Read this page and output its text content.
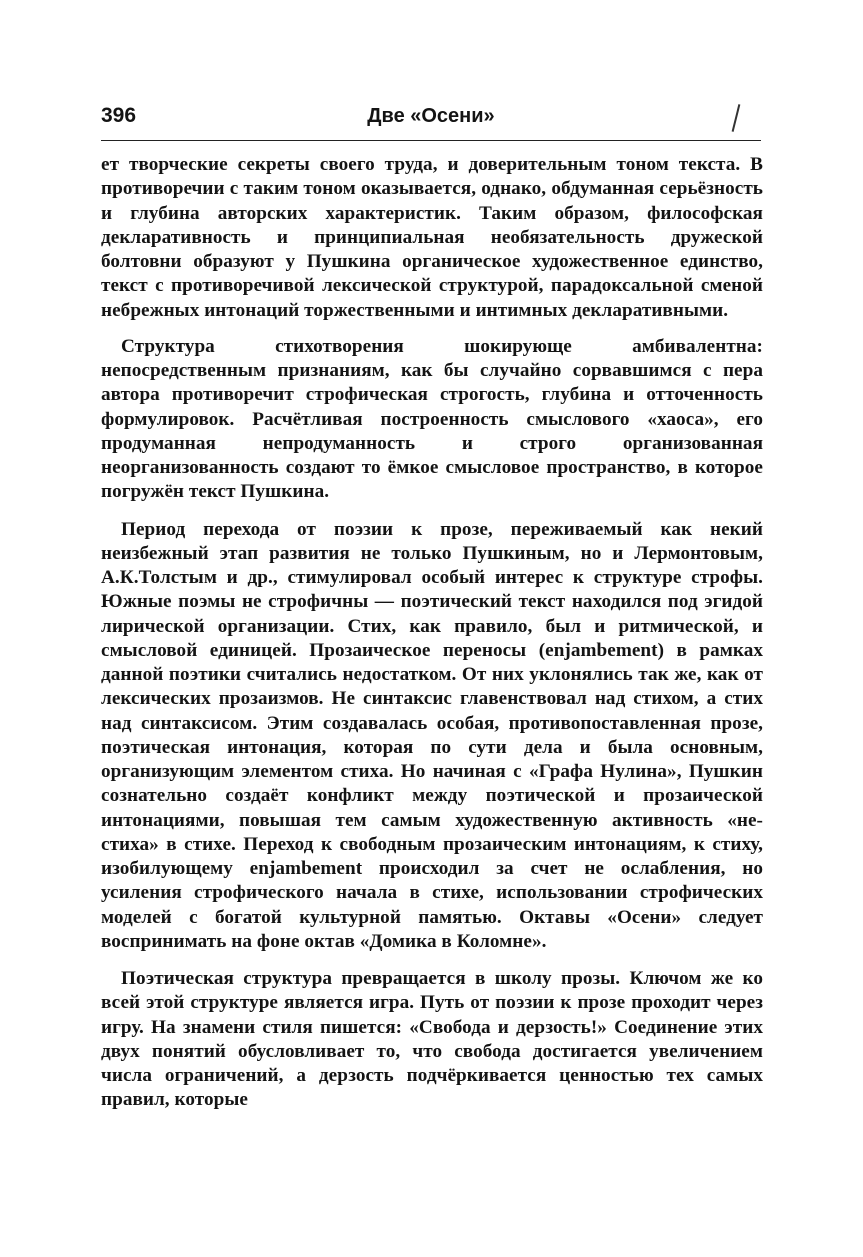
396	Две «Осени»

ет творческие секреты своего труда, и доверительным тоном текста. В противоречии с таким тоном оказывается, однако, обдуманная серьёзность и глубина авторских характеристик. Таким образом, философская декларативность и принципиальная необязательность дружеской болтовни образуют у Пушкина органическое художественное единство, текст с противоречивой лексической структурой, парадоксальной сменой небрежных интонаций торжественными и интимных декларативными.

Структура стихотворения шокирующе амбивалентна: непосредственным признаниям, как бы случайно сорвавшимся с пера автора противоречит строфическая строгость, глубина и отточенность формулировок. Расчётливая построенность смыслового «хаоса», его продуманная непродуманность и строго организованная неорганизованность создают то ёмкое смысловое пространство, в которое погружён текст Пушкина.

Период перехода от поэзии к прозе, переживаемый как некий неизбежный этап развития не только Пушкиным, но и Лермонтовым, А.К.Толстым и др., стимулировал особый интерес к структуре строфы. Южные поэмы не строфичны — поэтический текст находился под эгидой лирической организации. Стих, как правило, был и ритмической, и смысловой единицей. Прозаическое переносы (enjambement) в рамках данной поэтики считались недостатком. От них уклонялись так же, как от лексических прозаизмов. Не синтаксис главенствовал над стихом, а стих над синтаксисом. Этим создавалась особая, противопоставленная прозе, поэтическая интонация, которая по сути дела и была основным, организующим элементом стиха. Но начиная с «Графа Нулина», Пушкин сознательно создаёт конфликт между поэтической и прозаической интонациями, повышая тем самым художественную активность «не-стиха» в стихе. Переход к свободным прозаическим интонациям, к стиху, изобилующему enjambement происходил за счет не ослабления, но усиления строфического начала в стихе, использовании строфических моделей с богатой культурной памятью. Октавы «Осени» следует воспринимать на фоне октав «Домика в Коломне».

Поэтическая структура превращается в школу прозы. Ключом же ко всей этой структуре является игра. Путь от поэзии к прозе проходит через игру. На знамени стиля пишется: «Свобода и дерзость!» Соединение этих двух понятий обусловливает то, что свобода достигается увеличением числа ограничений, а дерзость подчёркивается ценностью тех самых правил, которые
